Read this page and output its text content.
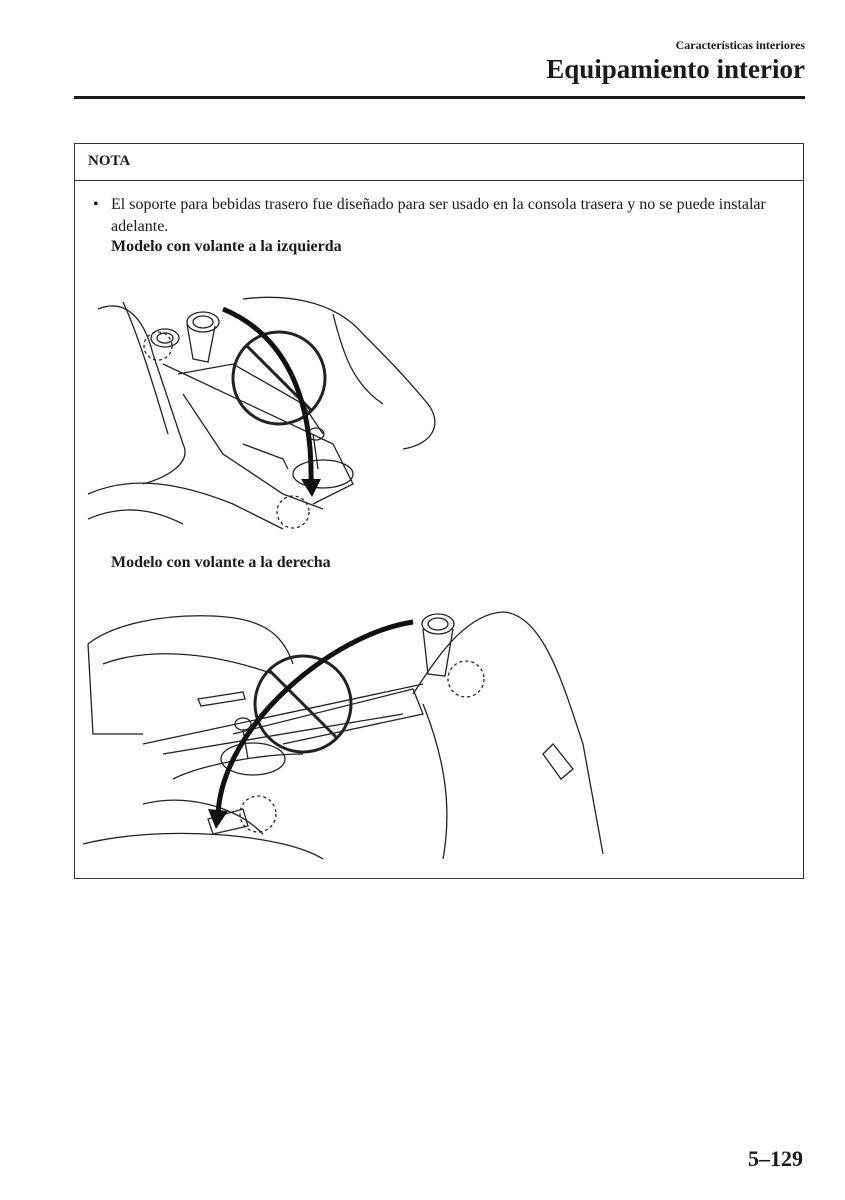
Características interiores
Equipamiento interior
NOTA
• El soporte para bebidas trasero fue diseñado para ser usado en la consola trasera y no se puede instalar adelante.
Modelo con volante a la izquierda
Modelo con volante a la derecha
5–129
